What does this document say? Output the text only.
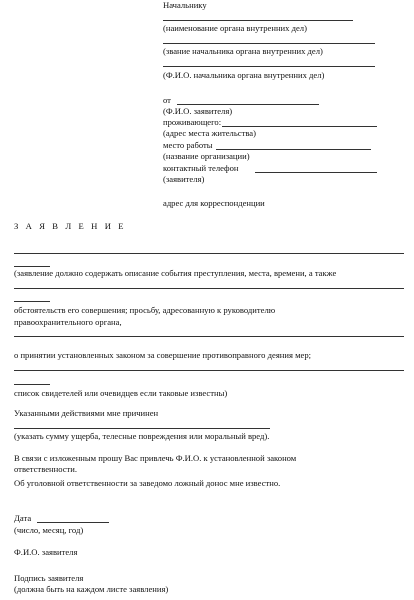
Начальнику
(наименование органа внутренних дел)
(звание начальника органа внутренних дел)
(Ф.И.О. начальника органа внутренних дел)
от
(Ф.И.О. заявителя)
проживающего:
(адрес места жительства)
место работы
(название организации)
контактный телефон
(заявителя)
адрес для корреспонденции
З А Я В Л Е Н И Е
(заявление должно содержать описание события преступления, места, времени, а также
обстоятельств его совершения; просьбу, адресованную к руководителю
правоохранительного органа,
о принятии установленных законом за совершение противоправного деяния мер;
список свидетелей или очевидцев если таковые известны)
Указанными действиями мне причинен
(указать сумму ущерба, телесные повреждения или моральный вред).
В связи с изложенным прошу Вас привлечь Ф.И.О. к установленной законом
ответственности.
Об уголовной ответственности за заведомо ложный донос мне известно.
Дата
(число, месяц, год)
Ф.И.О. заявителя
Подпись заявителя
(должна быть на каждом листе заявления)
